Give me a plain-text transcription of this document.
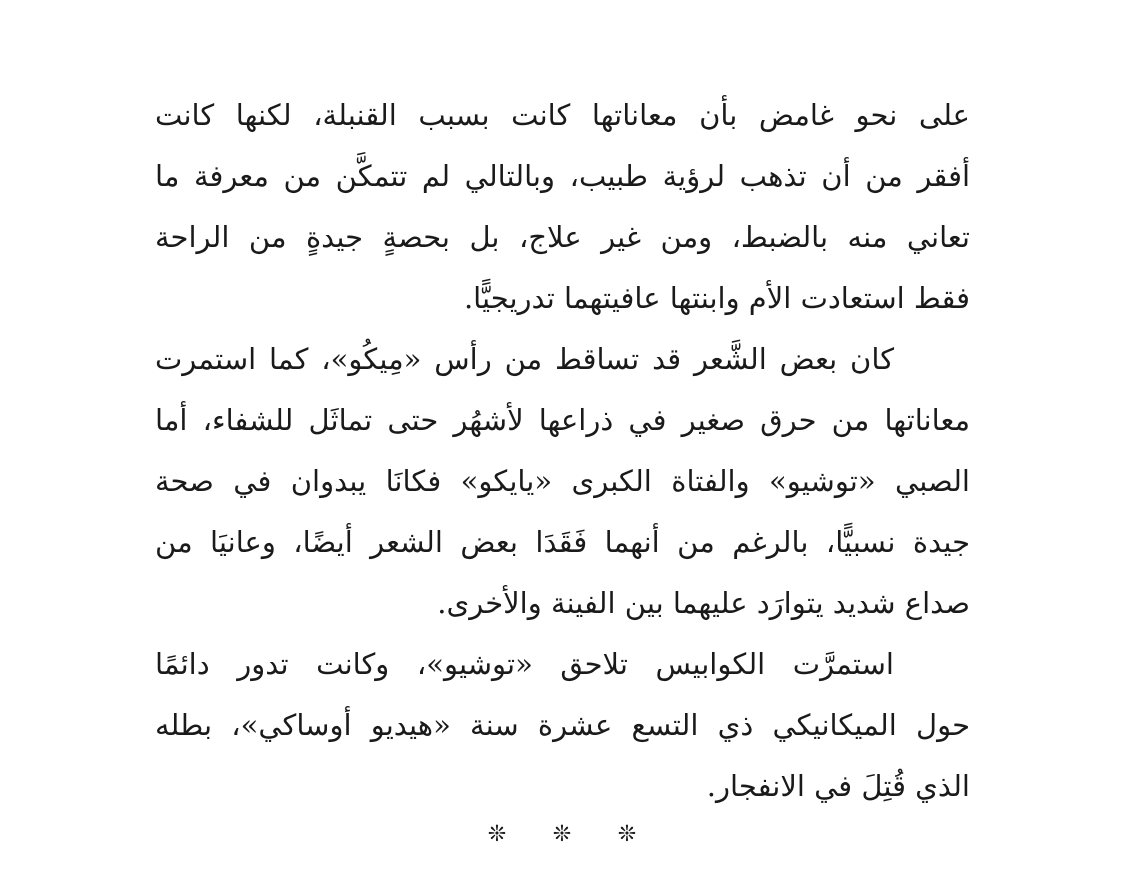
على نحو غامض بأن معاناتها كانت بسبب القنبلة، لكنها كانت
أفقر من أن تذهب لرؤية طبيب، وبالتالي لم تتمكَّن من معرفة ما
تعاني منه بالضبط، ومن غير علاج، بل بحصةٍ جيدةٍ من الراحة
فقط استعادت الأم وابنتها عافيتهما تدريجيًّا.
كان بعض الشَّعر قد تساقط من رأس «مِيكُو»، كما استمرت
معاناتها من حرق صغير في ذراعها لأشهُر حتى تماثَل للشفاء، أما
الصبي «توشيو» والفتاة الكبرى «يايكو» فكانَا يبدوان في صحة
جيدة نسبيًّا، بالرغم من أنهما فَقَدَا بعض الشعر أيضًا، وعانيَا من
صداع شديد يتوارَد عليهما بين الفينة والأخرى.
استمرَّت الكوابيس تلاحق «توشيو»، وكانت تدور دائمًا
حول الميكانيكي ذي التسع عشرة سنة «هيديو أوساكي»، بطله
الذي قُتِلَ في الانفجار.
❊ ❊ ❊
